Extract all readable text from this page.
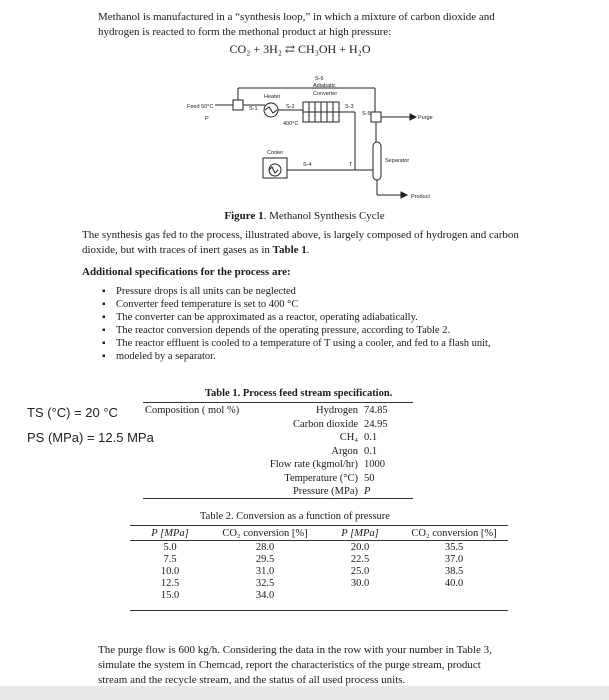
Methanol is manufactured in a “synthesis loop,” in which a mixture of carbon dioxide and
hydrogen is reacted to form the methonal product at high pressure:
CO₂ + 3H₂ ⇄ CH₃OH + H₂O
Feed 50°C
P
Heater
S-1	S-2
400°C
S-6
Adiabatic
Converter
S-3
S-5
Purge
Cooler
S-4	T
Separator
Product
Figure 1. Methanol Synthesis Cycle
The synthesis gas fed to the process, illustrated above, is largely composed of hydrogen and carbon
dioxide, but with traces of inert gases as in Table 1.
Additional specifications for the process are:
▪ Pressure drops is all units can be neglected
▪ Converter feed temperature is set to 400 °C
▪ The converter can be approximated as a reactor, operating adiabatically.
▪ The reactor conversion depends of the operating pressure, according to Table 2.
▪ The reactor effluent is cooled to a temperature of T using a cooler, and fed to a flash unit,
▪ modeled by a separator.
TS (°C) = 20 °C
PS (MPa) = 12.5 MPa
Table 1. Process feed stream specification.
Composition ( mol %)	Hydrogen 74.85
Carbon dioxide 24.95
CH₄ 0.1
Argon 0.1
Flow rate (kgmol/hr) 1000
Temperature (°C) 50
Pressure (MPa) P
Table 2. Conversion as a function of pressure
P [MPa]	CO₂ conversion [%]	P [MPa]	CO₂ conversion [%]

5.0	28.0	20.0	35.5
7.5	29.5	22.5	37.0
10.0	31.0	25.0	38.5
12.5	32.5	30.0	40.0
15.0	34.0		
The purge flow is 600 kg/h. Considering the data in the row with your number in Table 3,
simulate the system in Chemcad, report the characteristics of the purge stream, product
stream and the recycle stream, and the status of all used process units.
